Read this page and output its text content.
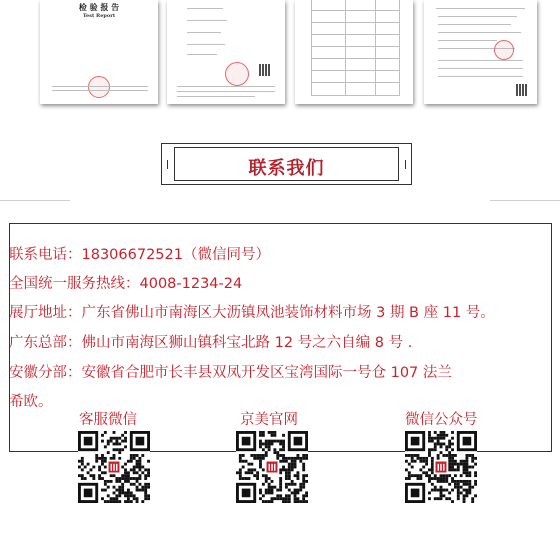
检 验 报 告
Test Report
联系我们
联系电话：18306672521（微信同号）
全国统一服务热线：4008-1234-24
展厅地址：广东省佛山市南海区大沥镇凤池装饰材料市场 3 期 B 座 11 号。
广东总部：佛山市南海区狮山镇科宝北路 12 号之六自编 8 号 .
安徽分部：安徽省合肥市长丰县双凤开发区宝湾国际一号仓 107 法兰
希欧。
客服微信	京美官网	微信公众号
